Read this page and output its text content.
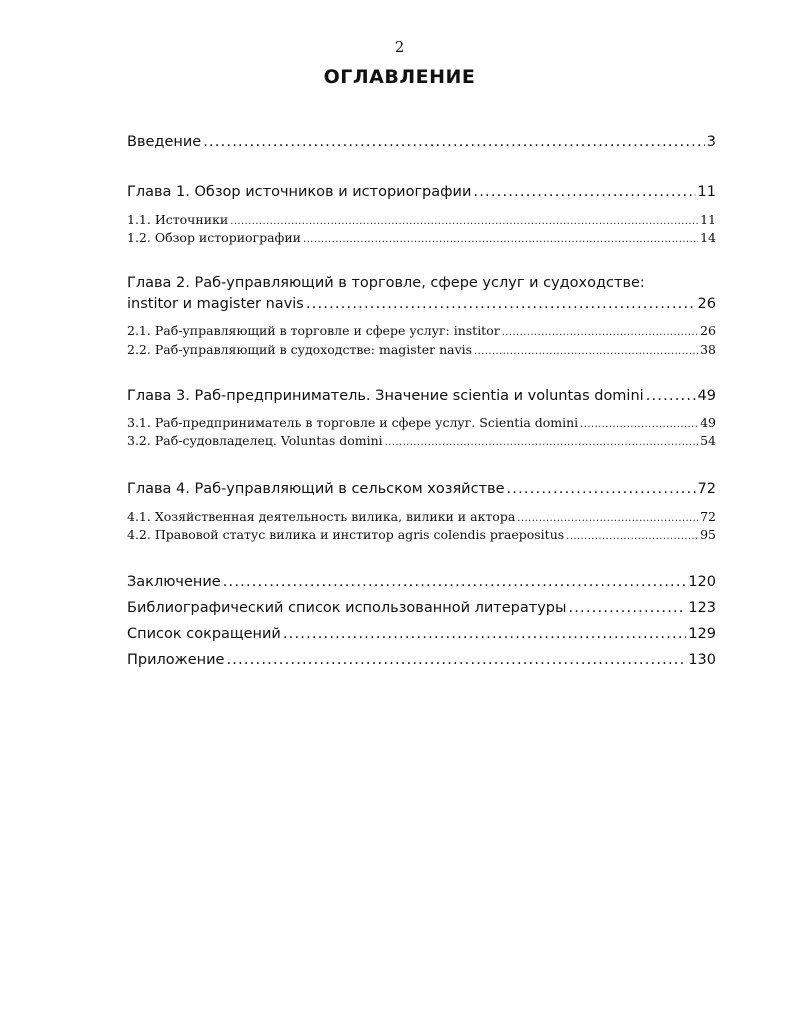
2
ОГЛАВЛЕНИЕ
Введение .....	3
Глава 1. Обзор источников и историографии .....	11
1.1. Источники .....	11
1.2. Обзор историографии .....	14
Глава 2. Раб-управляющий в торговле, сфере услуг и судоходстве:
institor и magister navis .....	26
2.1. Раб-управляющий в торговле и сфере услуг: institor .....	26
2.2. Раб-управляющий в судоходстве: magister navis .....	38
Глава 3. Раб-предприниматель. Значение scientia и voluntas domini .....	49
3.1. Раб-предприниматель в торговле и сфере услуг. Scientia domini .....	49
3.2. Раб-судовладелец. Voluntas domini .....	54
Глава 4. Раб-управляющий в сельском хозяйстве .....	72
4.1. Хозяйственная деятельность вилика, вилики и актора .....	72
4.2. Правовой статус вилика и инститор agris colendis praepositus .....	95
Заключение .....	120
Библиографический список использованной литературы .....	123
Список сокращений .....	129
Приложение .....	130
